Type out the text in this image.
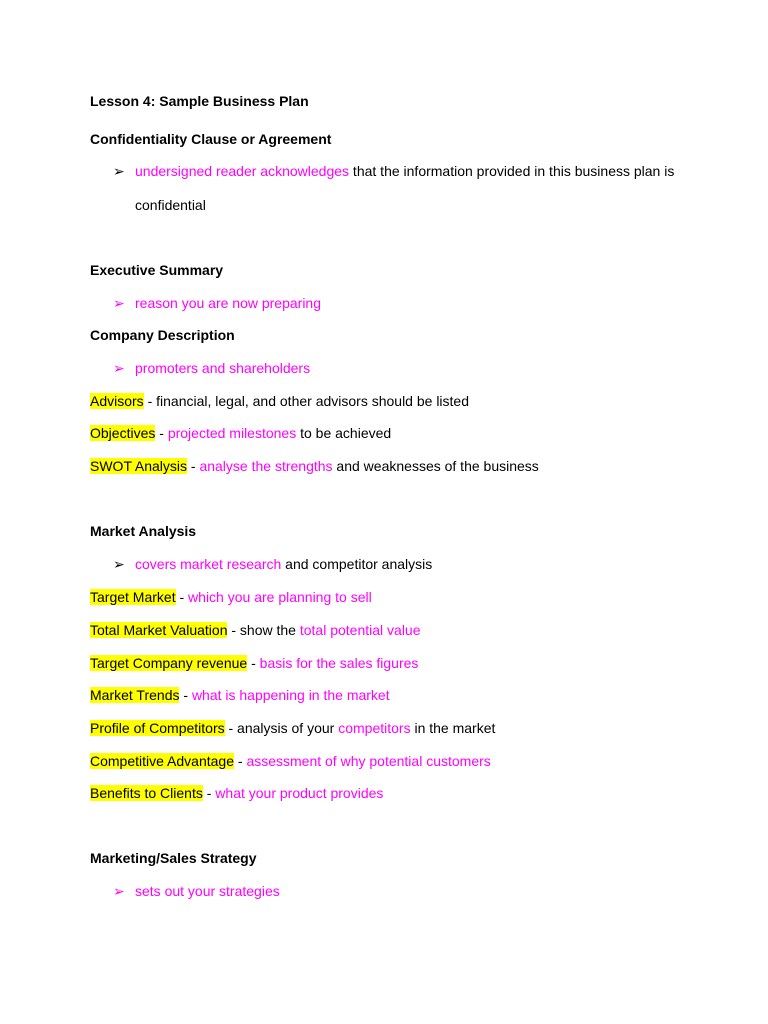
Lesson 4: Sample Business Plan
Confidentiality Clause or Agreement
➢ undersigned reader acknowledges that the information provided in this business plan is
confidential
Executive Summary
➢ reason you are now preparing
Company Description
➢ promoters and shareholders
Advisors - financial, legal, and other advisors should be listed
Objectives - projected milestones to be achieved
SWOT Analysis - analyse the strengths and weaknesses of the business
Market Analysis
➢ covers market research and competitor analysis
Target Market - which you are planning to sell
Total Market Valuation - show the total potential value
Target Company revenue - basis for the sales figures
Market Trends - what is happening in the market
Profile of Competitors - analysis of your competitors in the market
Competitive Advantage - assessment of why potential customers
Benefits to Clients - what your product provides
Marketing/Sales Strategy
➢ sets out your strategies
